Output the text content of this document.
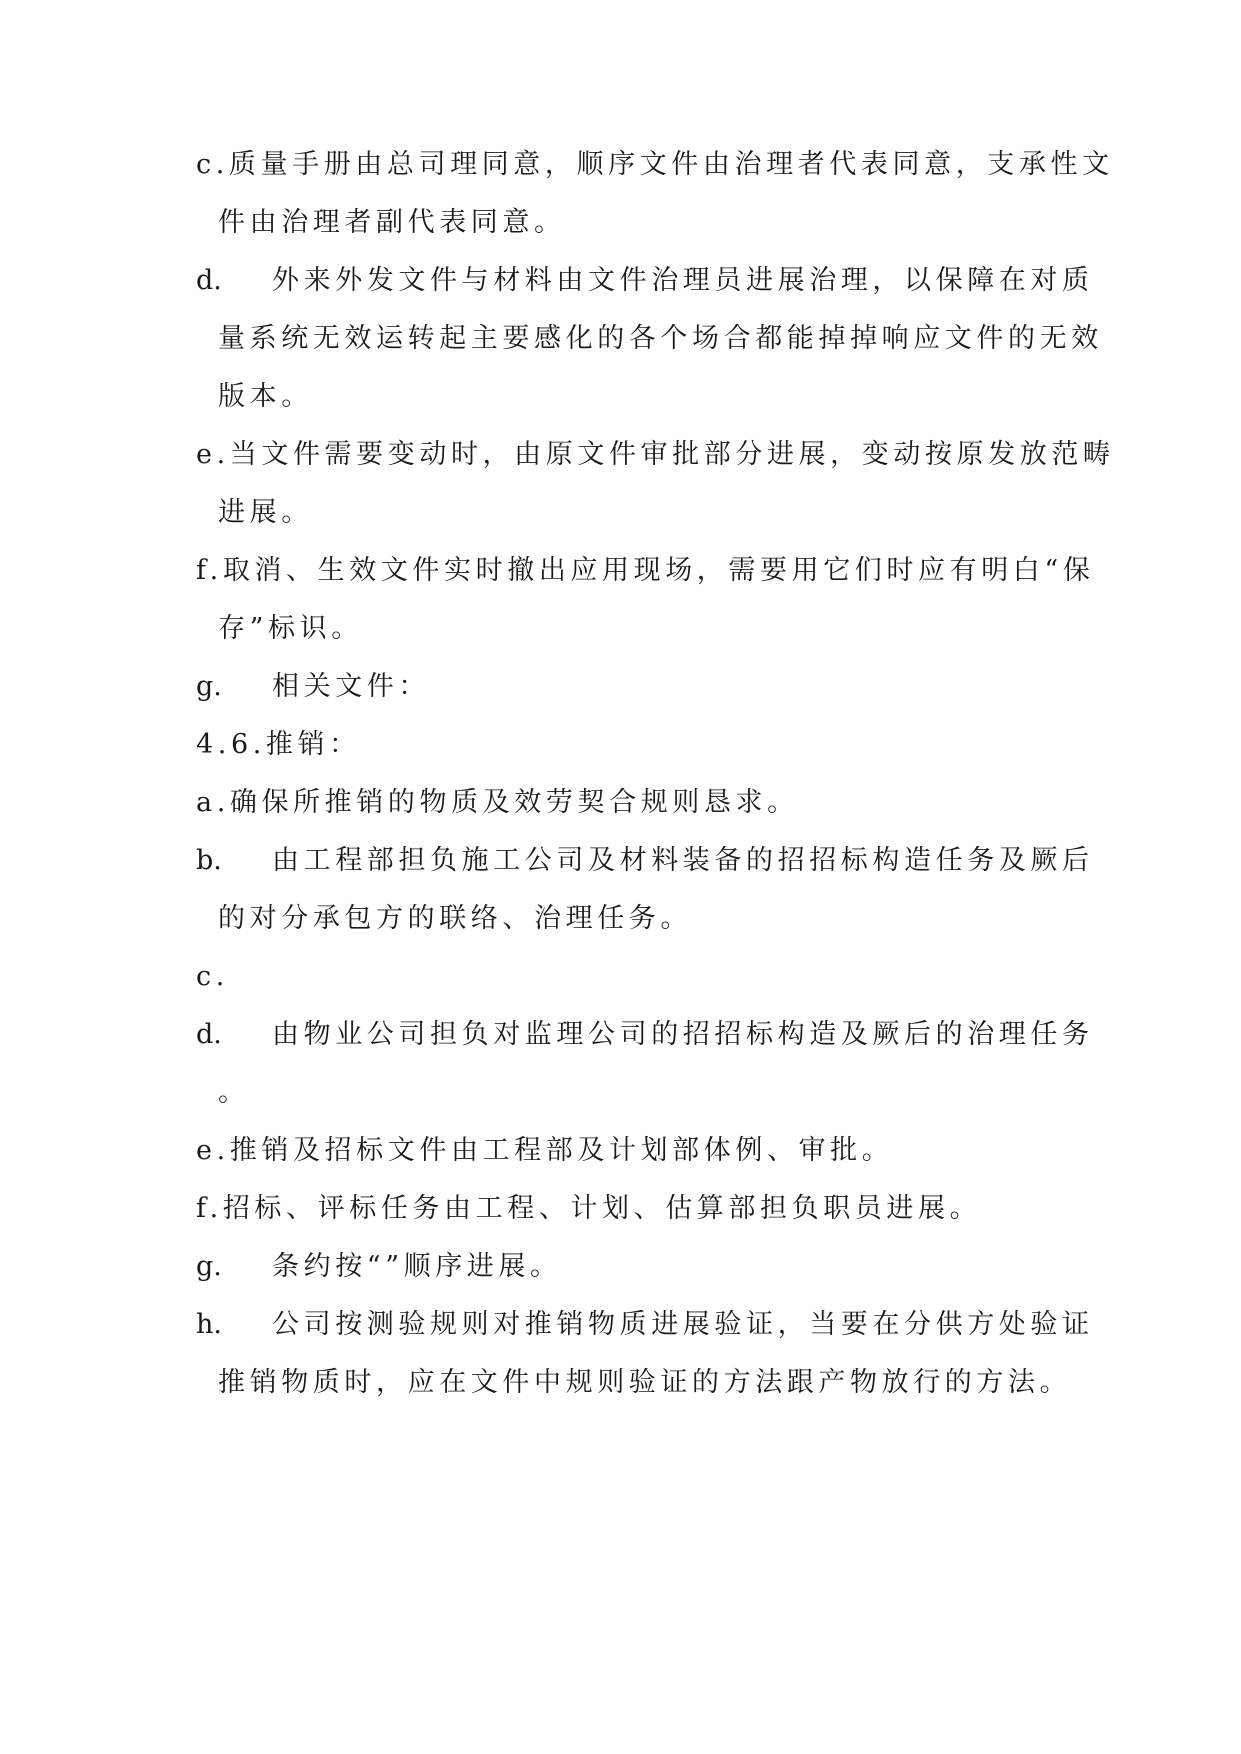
c.质量手册由总司理同意，顺序文件由治理者代表同意，支承性文
件由治理者副代表同意。
d. 外来外发文件与材料由文件治理员进展治理，以保障在对质
量系统无效运转起主要感化的各个场合都能掉掉响应文件的无效
版本。
e.当文件需要变动时，由原文件审批部分进展，变动按原发放范畴
进展。
f.取消、生效文件实时撤出应用现场，需要用它们时应有明白“保
存”标识。
g. 相关文件：
4.6.推销：
a.确保所推销的物质及效劳契合规则恳求。
b. 由工程部担负施工公司及材料装备的招招标构造任务及厥后
的对分承包方的联络、治理任务。
c.
d. 由物业公司担负对监理公司的招招标构造及厥后的治理任务
。
e.推销及招标文件由工程部及计划部体例、审批。
f.招标、评标任务由工程、计划、估算部担负职员进展。
g. 条约按“”顺序进展。
h. 公司按测验规则对推销物质进展验证，当要在分供方处验证
推销物质时，应在文件中规则验证的方法跟产物放行的方法。
